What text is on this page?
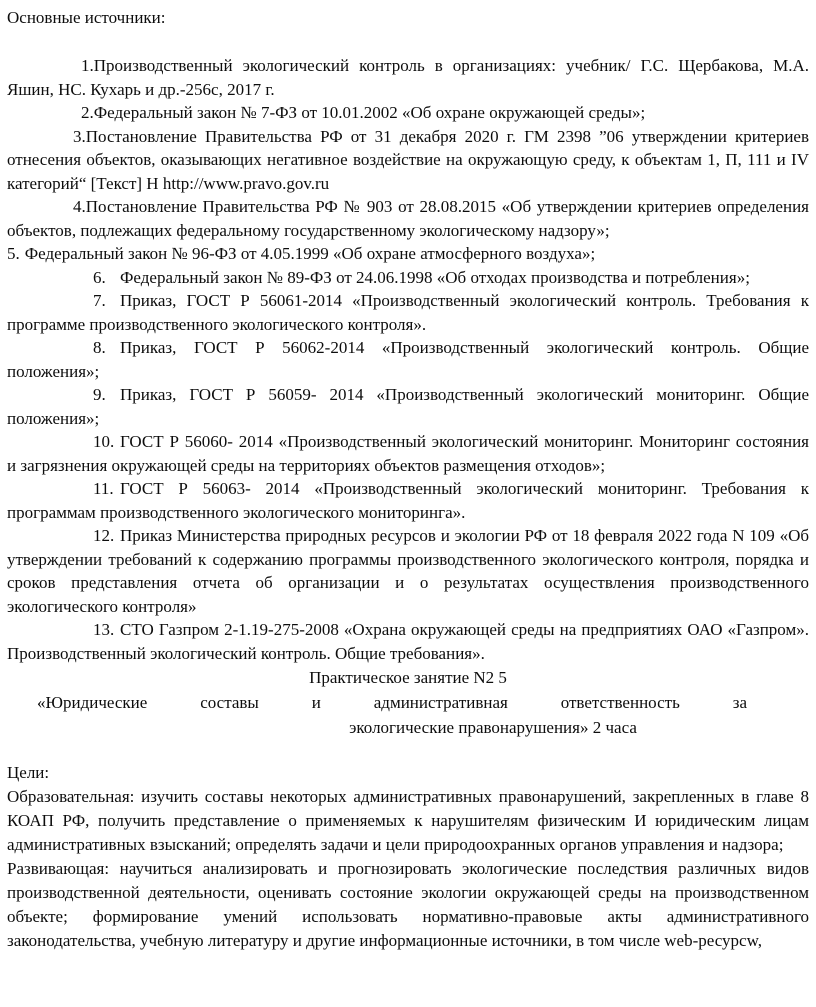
Основные источники:

1.Производственный экологический контроль в организациях: учебник/ Г.С. Щербакова, М.А. Яшин, НС. Кухарь и др.-256с, 2017 г.

2.Федеральный закон № 7-ФЗ от 10.01.2002 «Об охране окружающей среды»;

3.Постановление Правительства РФ от 31 декабря 2020 г. ГМ 2398 ”06 утверждении критериев отнесения объектов, оказывающих негативное воздействие на окружающую среду, к объектам 1, П, 111 и IV категорий“ [Текст] Н http://www.pravo.gov.ru

4.Постановление Правительства РФ № 903 от 28.08.2015 «Об утверждении критериев определения объектов, подлежащих федеральному государственному экологическому надзору»;

5. Федеральный закон № 96-ФЗ от 4.05.1999 «Об охране атмосферного воздуха»;

6. Федеральный закон № 89-ФЗ от 24.06.1998 «Об отходах производства и потребления»;

7. Приказ, ГОСТ Р 56061-2014 «Производственный экологический контроль. Требования к программе производственного экологического контроля».

8. Приказ, ГОСТ Р 56062-2014 «Производственный экологический контроль. Общие положения»;

9. Приказ, ГОСТ Р 56059- 2014 «Производственный экологический мониторинг. Общие положения»;

10. ГОСТ Р 56060- 2014 «Производственный экологический мониторинг. Мониторинг состояния и загрязнения окружающей среды на территориях объектов размещения отходов»;

11. ГОСТ Р 56063- 2014 «Производственный экологический мониторинг. Требования к программам производственного экологического мониторинга».

12. Приказ Министерства природных ресурсов и экологии РФ от 18 февраля 2022 года N 109 «Об утверждении требований к содержанию программы производственного экологического контроля, порядка и сроков представления отчета об организации и о результатах осуществления производственного экологического контроля»

13. СТО Газпром 2-1.19-275-2008 «Охрана окружающей среды на предприятиях ОАО «Газпром». Производственный экологический контроль. Общие требования».

Практическое занятие N2 5

«Юридические составы и административная ответственность за

экологические правонарушения» 2 часа

Цели:

Образовательная: изучить составы некоторых административных правонарушений, закрепленных в главе 8 КОАП РФ, получить представление о применяемых к нарушителям физическим И юридическим лицам административных взысканий; определять задачи и цели природоохранных органов управления и надзора;

Развивающая: научиться анализировать и прогнозировать экологические последствия различных видов производственной деятельности, оценивать состояние экологии окружающей среды на производственном объекте; формирование умений использовать нормативно-правовые акты административного законодательства, учебную литературу и другие информационные источники, в том числе web-ресурсw,
